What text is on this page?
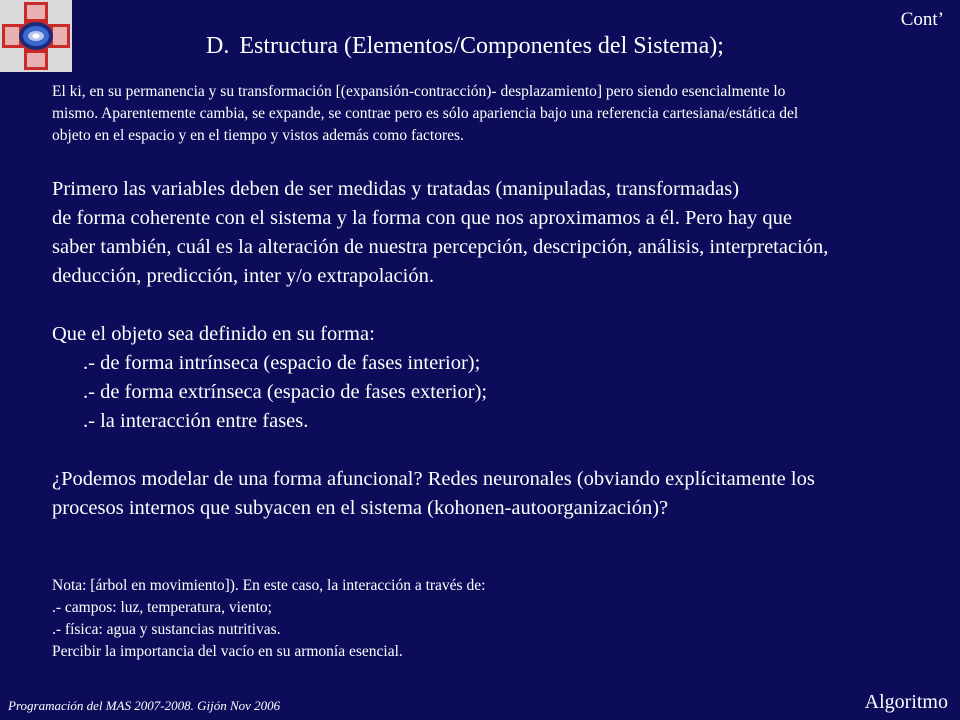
Cont’
D. Estructura (Elementos/Componentes del Sistema);
El ki, en su permanencia y su transformación [(expansión-contracción)- desplazamiento] pero siendo esencialmente lo
mismo. Aparentemente cambia, se expande, se contrae pero es sólo apariencia bajo una referencia cartesiana/estática del
objeto en el espacio y en el tiempo y vistos además como factores.
Primero las variables deben de ser medidas y tratadas (manipuladas, transformadas)
de forma coherente con el sistema y la forma con que nos aproximamos a él. Pero hay que
saber también, cuál es la alteración de nuestra percepción, descripción, análisis, interpretación,
deducción, predicción, inter y/o extrapolación.
Que el objeto sea definido en su forma:
.- de forma intrínseca (espacio de fases interior);
.- de forma extrínseca (espacio de fases exterior);
.- la interacción entre fases.
¿Podemos modelar de una forma afuncional? Redes neuronales (obviando explícitamente los
procesos internos que subyacen en el sistema (kohonen-autoorganización)?
Nota: [árbol en movimiento]). En este caso, la interacción a través de:
.- campos: luz, temperatura, viento;
.- física: agua y sustancias nutritivas.
Percibir la importancia del vacío en su armonía esencial.
Programación del MAS 2007-2008. Gijón Nov 2006	Algoritmo
